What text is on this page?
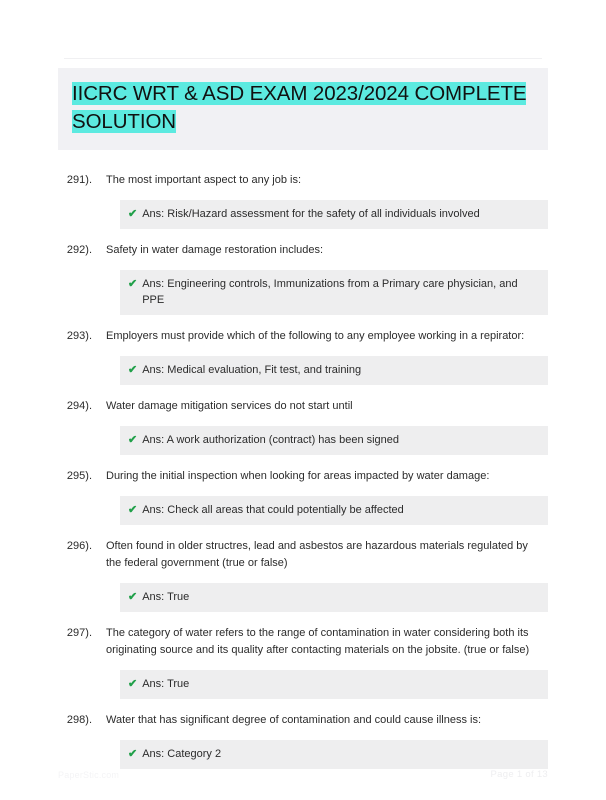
IICRC WRT & ASD EXAM 2023/2024 COMPLETE SOLUTION
291).	The most important aspect to any job is:
✔ Ans: Risk/Hazard assessment for the safety of all individuals involved
292).	Safety in water damage restoration includes:
✔ Ans: Engineering controls, Immunizations from a Primary care physician, and PPE
293).	Employers must provide which of the following to any employee working in a repirator:
✔ Ans: Medical evaluation, Fit test, and training
294).	Water damage mitigation services do not start until
✔ Ans: A work authorization (contract) has been signed
295).	During the initial inspection when looking for areas impacted by water damage:
✔ Ans: Check all areas that could potentially be affected
296).	Often found in older structres, lead and asbestos are hazardous materials regulated by the federal government (true or false)
✔ Ans: True
297).	The category of water refers to the range of contamination in water considering both its originating source and its quality after contacting materials on the jobsite. (true or false)
✔ Ans: True
298).	Water that has significant degree of contamination and could cause illness is:
✔ Ans: Category 2
PaperStic.com	Page 1 of 13
